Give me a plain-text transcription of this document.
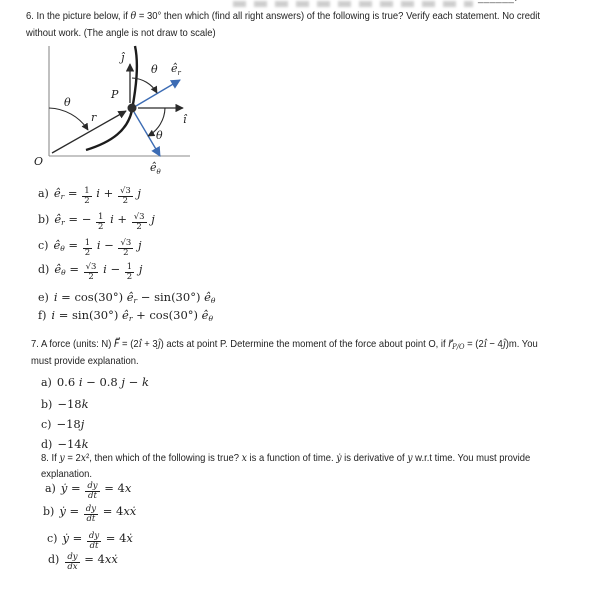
6. In the picture below, if θ = 30° then which (find all right answers) of the following is true? Verify each statement. No credit
without work. (The angle is not draw to scale)
O
θ
r
P
ĵ
î
$ê_r$
$ê_\theta$
θ
θ
a) $ê_r = \frac{1}{2}$ $i + \frac{√3}{2}$ j
b) $ê_r$ = − $\frac{1}{2}$ $i + \frac{√3}{2}$ j
c) $ê_\theta = \frac{1}{2}$ $i - \frac{√3}{2}$ j
d) $ê_\theta = \frac{√3}{2}$ $i - \frac{1}{2}$ j
e) i = cos(30°) $ê_r - \sin(30^\circ)$ $ê_\theta$
f) i = sin(30°) $ê_r + \cos(30^\circ)$ $ê_\theta$
7. A force (units: N) F⃗ = (2î + 3ĵ) acts at point P. Determine the moment of the force about point O, if $r⃗_{P/O}$ = (2î − 4ĵ)m. You
must provide explanation.
a) 0.6 i − 0.8 j − k
b) −18k
c) −18j
d) −14k
8. If y = 2x², then which of the following is true? x is a function of time. ẏ is derivative of y w.r.t time. You must provide
explanation.
a) ẏ = $\frac{dy}{dt} = 4x$
b) ẏ = $\frac{dy}{dt}$ = 4xẋ
c) ẏ = $\frac{dy}{dt}$ = 4ẋ
$d) \frac{dy}{dx}$ = 4xẋ
